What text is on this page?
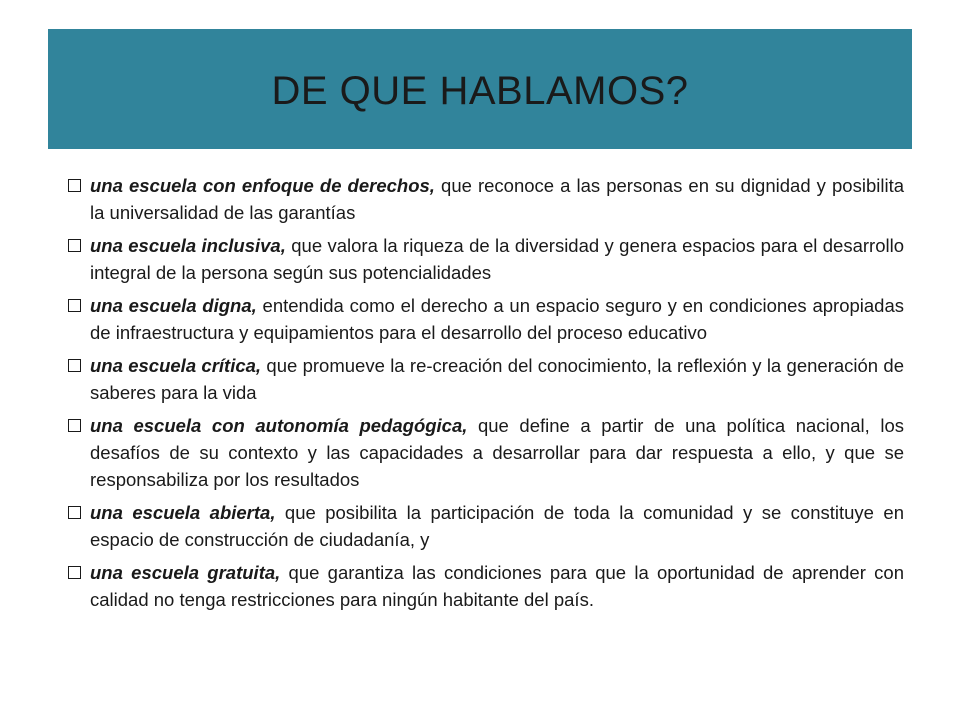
DE QUE HABLAMOS?
una escuela con enfoque de derechos, que reconoce a las personas en su dignidad y posibilita la universalidad de las garantías
una escuela inclusiva, que valora la riqueza de la diversidad y genera espacios para el desarrollo integral de la persona según sus potencialidades
una escuela digna, entendida como el derecho a un espacio seguro y en condiciones apropiadas de infraestructura y equipamientos para el desarrollo del proceso educativo
una escuela crítica, que promueve la re-creación del conocimiento, la reflexión y la generación de saberes para la vida
una escuela con autonomía pedagógica, que define a partir de una política nacional, los desafíos de su contexto y las capacidades a desarrollar para dar respuesta a ello, y que se responsabiliza por los resultados
una escuela abierta, que posibilita la participación de toda la comunidad y se constituye en espacio de construcción de ciudadanía, y
una escuela gratuita, que garantiza las condiciones para que la oportunidad de aprender con calidad no tenga restricciones para ningún habitante del país.
